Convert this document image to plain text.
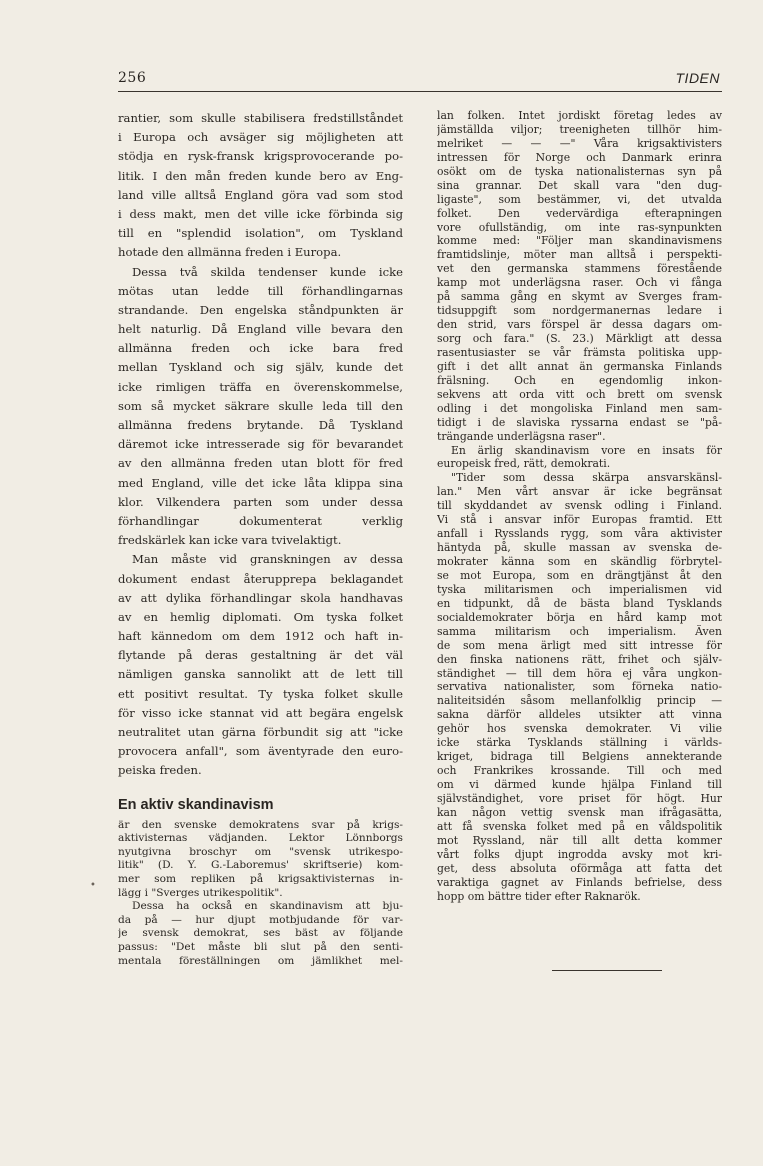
256	TIDEN
rantier, som skulle stabilisera fredstillståndet
i Europa och avsäger sig möjligheten att
stödja en rysk-fransk krigsprovocerande po-
litik. I den mån freden kunde bero av Eng-
land ville alltså England göra vad som stod
i dess makt, men det ville icke förbinda sig
till en "splendid isolation", om Tyskland
hotade den allmänna freden i Europa.
Dessa två skilda tendenser kunde icke
mötas utan ledde till förhandlingarnas
strandande. Den engelska ståndpunkten är
helt naturlig. Då England ville bevara den
allmänna freden och icke bara fred
mellan Tyskland och sig själv, kunde det
icke rimligen träffa en överenskommelse,
som så mycket säkrare skulle leda till den
allmänna fredens brytande. Då Tyskland
däremot icke intresserade sig för bevarandet
av den allmänna freden utan blott för fred
med England, ville det icke låta klippa sina
klor. Vilkendera parten som under dessa
förhandlingar dokumenterat verklig
fredskärlek kan icke vara tvivelaktigt.
Man måste vid granskningen av dessa
dokument endast återupprepa beklagandet
av att dylika förhandlingar skola handhavas
av en hemlig diplomati. Om tyska folket
haft kännedom om dem 1912 och haft in-
flytande på deras gestaltning är det väl
nämligen ganska sannolikt att de lett till
ett positivt resultat. Ty tyska folket skulle
för visso icke stannat vid att begära engelsk
neutralitet utan gärna förbundit sig att "icke
provocera anfall", som äventyrade den euro-
peiska freden.
En aktiv skandinavism
är den svenske demokratens svar på krigs-
aktivisternas vädjanden. Lektor Lönnborgs
nyutgivna broschyr om "svensk utrikespo-
litik" (D. Y. G.-Laboremus' skriftserie) kom-
mer som repliken på krigsaktivisternas in-
lägg i "Sverges utrikespolitik".
Dessa ha också en skandinavism att bju-
da på — hur djupt motbjudande för var-
je svensk demokrat, ses bäst av följande
passus: "Det måste bli slut på den senti-
mentala föreställningen om jämlikhet mel-
lan folken. Intet jordiskt företag ledes av
jämställda viljor; treenigheten tillhör him-
melriket — — —" Våra krigsaktivisters
intressen för Norge och Danmark erinra
osökt om de tyska nationalisternas syn på
sina grannar. Det skall vara "den dug-
ligaste", som bestämmer, vi, det utvalda
folket. Den vedervärdiga efterapningen
vore ofullständig, om inte ras-synpunkten
komme med: "Följer man skandinavismens
framtidslinje, möter man alltså i perspekti-
vet den germanska stammens förestående
kamp mot underlägsna raser. Och vi fånga
på samma gång en skymt av Sverges fram-
tidsuppgift som nordgermanernas ledare i
den strid, vars förspel är dessa dagars om-
sorg och fara." (S. 23.) Märkligt att dessa
rasentusiaster se vår främsta politiska upp-
gift i det allt annat än germanska Finlands
frälsning. Och en egendomlig inkon-
sekvens att orda vitt och brett om svensk
odling i det mongoliska Finland men sam-
tidigt i de slaviska ryssarna endast se "på-
trängande underlägsna raser".
En ärlig skandinavism vore en insats för
europeisk fred, rätt, demokrati.
"Tider som dessa skärpa ansvarskänsl-
lan." Men vårt ansvar är icke begränsat
till skyddandet av svensk odling i Finland.
Vi stå i ansvar inför Europas framtid. Ett
anfall i Rysslands rygg, som våra aktivister
häntyda på, skulle massan av svenska de-
mokrater känna som en skändlig förbrytel-
se mot Europa, som en drängtjänst åt den
tyska militarismen och imperialismen vid
en tidpunkt, då de bästa bland Tysklands
socialdemokrater börja en hård kamp mot
samma militarism och imperialism. Även
de som mena ärligt med sitt intresse för
den finska nationens rätt, frihet och själv-
ständighet — till dem höra ej våra ungkon-
servativa nationalister, som förneka natio-
naliteitsidén såsom mellanfolklig princip —
sakna därför alldeles utsikter att vinna
gehör hos svenska demokrater. Vi vilie
icke stärka Tysklands ställning i världs-
kriget, bidraga till Belgiens annekterande
och Frankrikes krossande. Till och med
om vi därmed kunde hjälpa Finland till
självständighet, vore priset för högt. Hur
kan någon vettig svensk man ifrågasätta,
att få svenska folket med på en våldspolitik
mot Ryssland, när till allt detta kommer
vårt folks djupt ingrodda avsky mot kri-
get, dess absoluta oförmåga att fatta det
varaktiga gagnet av Finlands befrielse, dess
hopp om bättre tider efter Raknarök.
•
